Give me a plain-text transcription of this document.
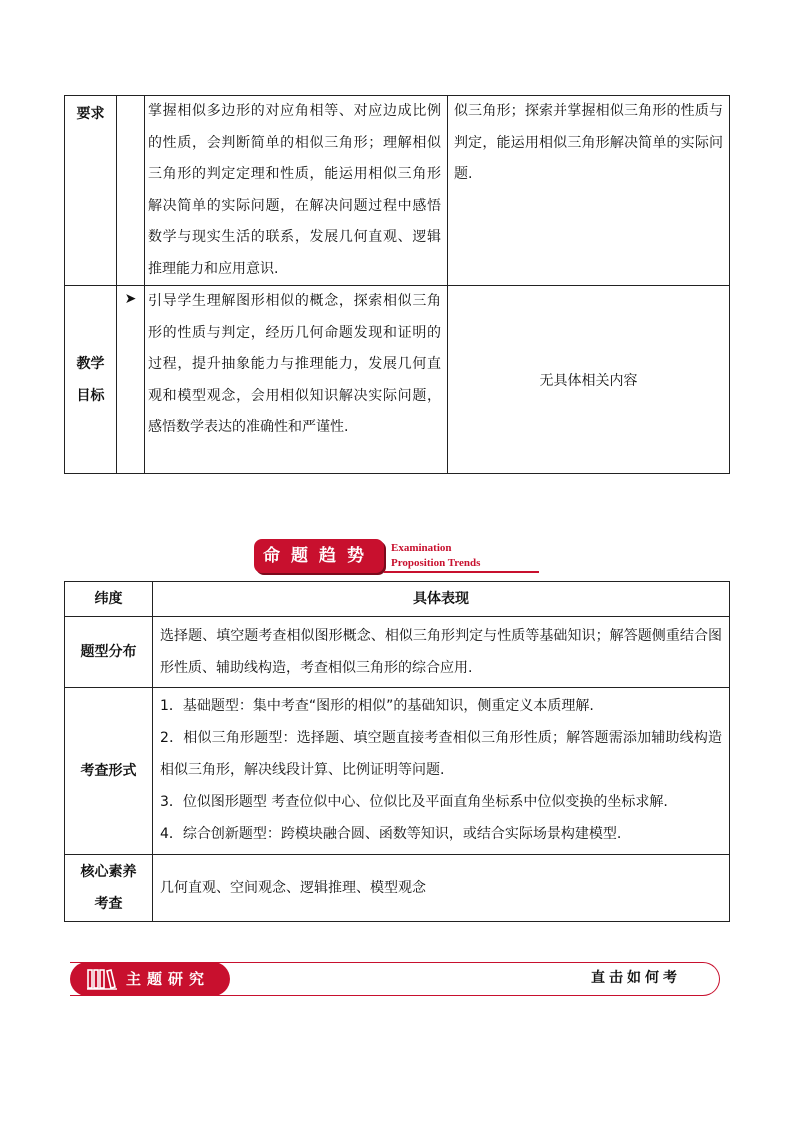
要求		掌握相似多边形的对应角相等、对应边成比例的性质，会判断简单的相似三角形；理解相似三角形的判定定理和性质，能运用相似三角形解决简单的实际问题，在解决问题过程中感悟数学与现实生活的联系，发展几何直观、逻辑推理能力和应用意识.	似三角形；探索并掌握相似三角形的性质与判定，能运用相似三角形解决简单的实际问题.

教学
目标	➤	引导学生理解图形相似的概念，探索相似三角形的性质与判定，经历几何命题发现和证明的过程，提升抽象能力与推理能力，发展几何直观和模型观念，会用相似知识解决实际问题，感悟数学表达的准确性和严谨性.	无具体相关内容
命题趋势	Examination
Proposition Trends
纬度	具体表现
题型分布	选择题、填空题考查相似图形概念、相似三角形判定与性质等基础知识；解答题侧重结合图形性质、辅助线构造，考查相似三角形的综合应用.
考查形式	1．基础题型：集中考查“图形的相似”的基础知识，侧重定义本质理解.
2．相似三角形题型：选择题、填空题直接考查相似三角形性质；解答题需添加辅助线构造相似三角形，解决线段计算、比例证明等问题.
3．位似图形题型 考查位似中心、位似比及平面直角坐标系中位似变换的坐标求解.
4．综合创新题型：跨模块融合圆、函数等知识，或结合实际场景构建模型.

核心素养
考查	几何直观、空间观念、逻辑推理、模型观念
主题研究	直击如何考
